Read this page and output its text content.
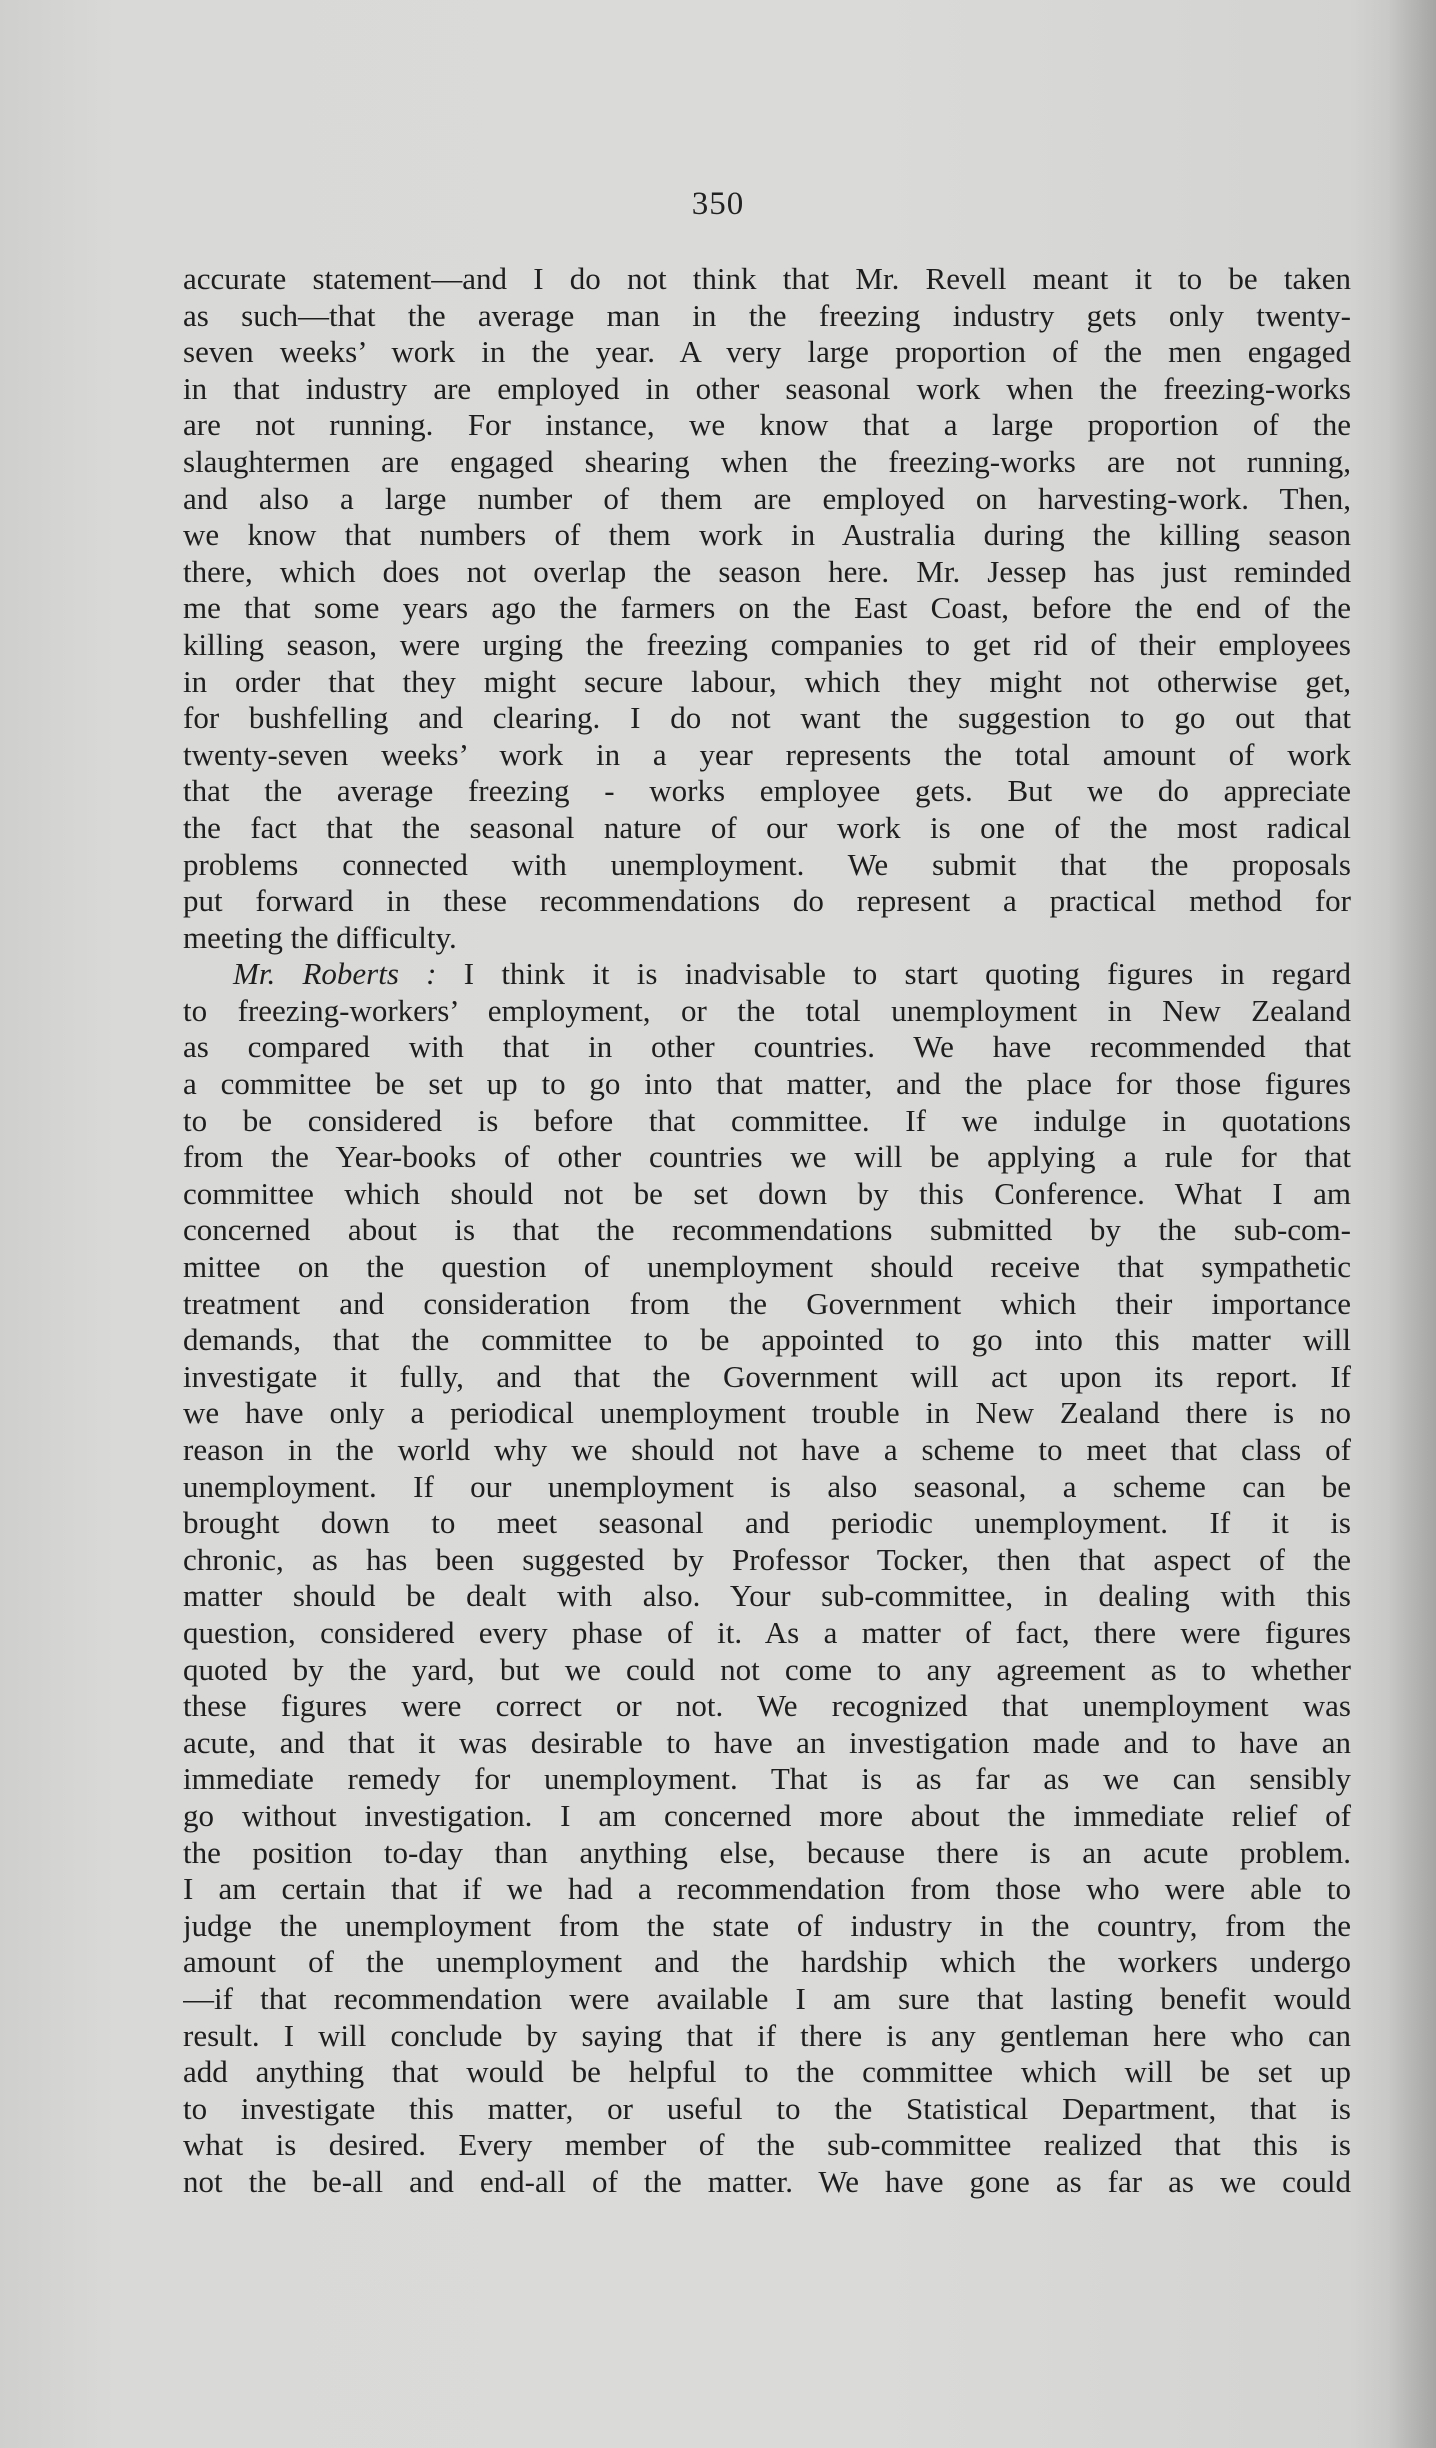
350
accurate statement—and I do not think that Mr. Revell meant it to be taken
as such—that the average man in the freezing industry gets only twenty-
seven weeks’ work in the year. A very large proportion of the men engaged
in that industry are employed in other seasonal work when the freezing-works
are not running. For instance, we know that a large proportion of the
slaughtermen are engaged shearing when the freezing-works are not running,
and also a large number of them are employed on harvesting-work. Then,
we know that numbers of them work in Australia during the killing season
there, which does not overlap the season here. Mr. Jessep has just reminded
me that some years ago the farmers on the East Coast, before the end of the
killing season, were urging the freezing companies to get rid of their employees
in order that they might secure labour, which they might not otherwise get,
for bushfelling and clearing. I do not want the suggestion to go out that
twenty-seven weeks’ work in a year represents the total amount of work
that the average freezing - works employee gets. But we do appreciate
the fact that the seasonal nature of our work is one of the most radical
problems connected with unemployment. We submit that the proposals
put forward in these recommendations do represent a practical method for
meeting the difficulty.
Mr. Roberts : I think it is inadvisable to start quoting figures in regard
to freezing-workers’ employment, or the total unemployment in New Zealand
as compared with that in other countries. We have recommended that
a committee be set up to go into that matter, and the place for those figures
to be considered is before that committee. If we indulge in quotations
from the Year-books of other countries we will be applying a rule for that
committee which should not be set down by this Conference. What I am
concerned about is that the recommendations submitted by the sub-com-
mittee on the question of unemployment should receive that sympathetic
treatment and consideration from the Government which their importance
demands, that the committee to be appointed to go into this matter will
investigate it fully, and that the Government will act upon its report. If
we have only a periodical unemployment trouble in New Zealand there is no
reason in the world why we should not have a scheme to meet that class of
unemployment. If our unemployment is also seasonal, a scheme can be
brought down to meet seasonal and periodic unemployment. If it is
chronic, as has been suggested by Professor Tocker, then that aspect of the
matter should be dealt with also. Your sub-committee, in dealing with this
question, considered every phase of it. As a matter of fact, there were figures
quoted by the yard, but we could not come to any agreement as to whether
these figures were correct or not. We recognized that unemployment was
acute, and that it was desirable to have an investigation made and to have an
immediate remedy for unemployment. That is as far as we can sensibly
go without investigation. I am concerned more about the immediate relief of
the position to-day than anything else, because there is an acute problem.
I am certain that if we had a recommendation from those who were able to
judge the unemployment from the state of industry in the country, from the
amount of the unemployment and the hardship which the workers undergo
—if that recommendation were available I am sure that lasting benefit would
result. I will conclude by saying that if there is any gentleman here who can
add anything that would be helpful to the committee which will be set up
to investigate this matter, or useful to the Statistical Department, that is
what is desired. Every member of the sub-committee realized that this is
not the be-all and end-all of the matter. We have gone as far as we could
